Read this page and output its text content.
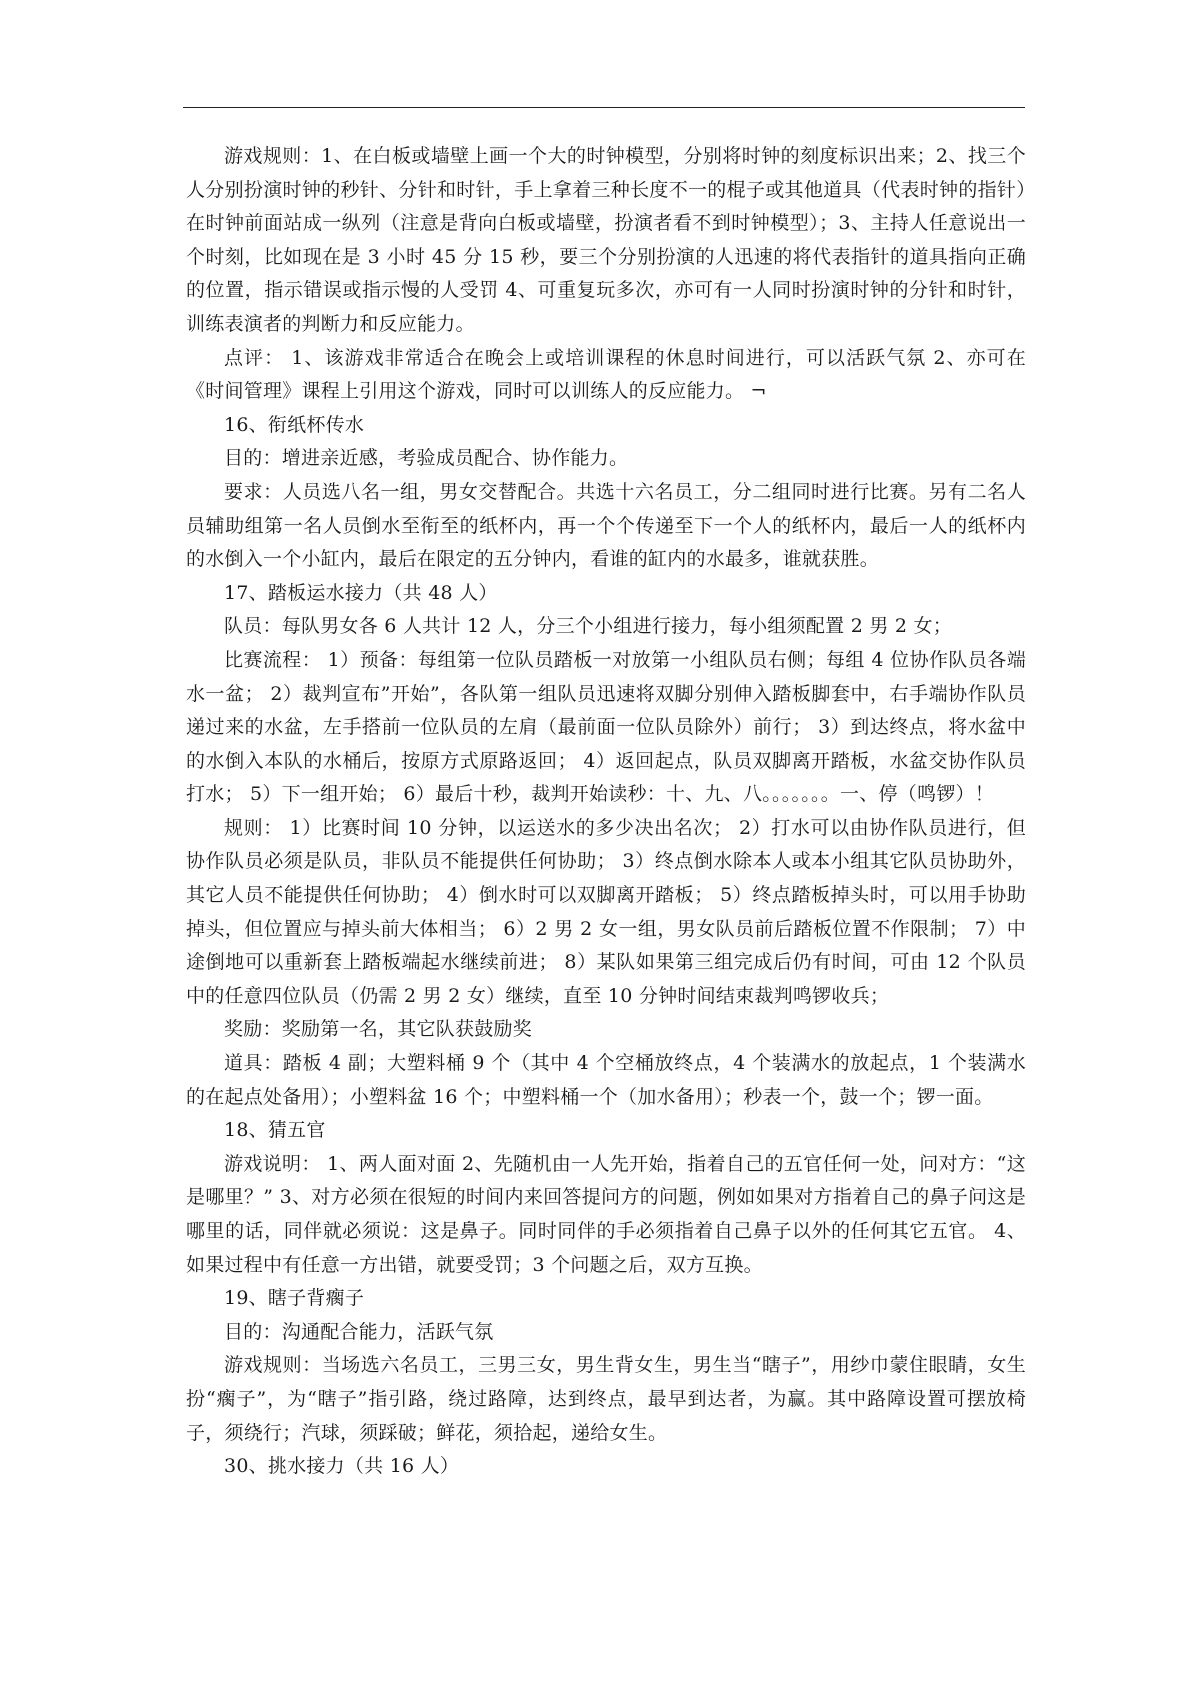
游戏规则：1、在白板或墙壁上画一个大的时钟模型，分别将时钟的刻度标识出来；2、找三个人分别扮演时钟的秒针、分针和时针，手上拿着三种长度不一的棍子或其他道具（代表时钟的指针）在时钟前面站成一纵列（注意是背向白板或墙壁，扮演者看不到时钟模型）；3、主持人任意说出一个时刻，比如现在是 3 小时 45 分 15 秒，要三个分别扮演的人迅速的将代表指针的道具指向正确的位置，指示错误或指示慢的人受罚 4、可重复玩多次，亦可有一人同时扮演时钟的分针和时针，训练表演者的判断力和反应能力。

点评： 1、该游戏非常适合在晚会上或培训课程的休息时间进行，可以活跃气氛 2、亦可在《时间管理》课程上引用这个游戏，同时可以训练人的反应能力。 ¬

16、衔纸杯传水

目的：增进亲近感，考验成员配合、协作能力。

要求：人员选八名一组，男女交替配合。共选十六名员工，分二组同时进行比赛。另有二名人员辅助组第一名人员倒水至衔至的纸杯内，再一个个传递至下一个人的纸杯内，最后一人的纸杯内的水倒入一个小缸内，最后在限定的五分钟内，看谁的缸内的水最多，谁就获胜。

17、踏板运水接力（共 48 人）

队员：每队男女各 6 人共计 12 人，分三个小组进行接力，每小组须配置 2 男 2 女；

比赛流程： 1）预备：每组第一位队员踏板一对放第一小组队员右侧；每组 4 位协作队员各端水一盆； 2）裁判宣布”开始”，各队第一组队员迅速将双脚分别伸入踏板脚套中，右手端协作队员递过来的水盆，左手搭前一位队员的左肩（最前面一位队员除外）前行； 3）到达终点，将水盆中的水倒入本队的水桶后，按原方式原路返回； 4）返回起点，队员双脚离开踏板，水盆交协作队员打水； 5）下一组开始； 6）最后十秒，裁判开始读秒：十、九、八。。。。。。。一、停（鸣锣）！

规则： 1）比赛时间 10 分钟，以运送水的多少决出名次； 2）打水可以由协作队员进行，但协作队员必须是队员，非队员不能提供任何协助； 3）终点倒水除本人或本小组其它队员协助外，其它人员不能提供任何协助； 4）倒水时可以双脚离开踏板； 5）终点踏板掉头时，可以用手协助掉头，但位置应与掉头前大体相当； 6）2 男 2 女一组，男女队员前后踏板位置不作限制； 7）中途倒地可以重新套上踏板端起水继续前进； 8）某队如果第三组完成后仍有时间，可由 12 个队员中的任意四位队员（仍需 2 男 2 女）继续，直至 10 分钟时间结束裁判鸣锣收兵；

奖励：奖励第一名，其它队获鼓励奖

道具：踏板 4 副；大塑料桶 9 个（其中 4 个空桶放终点，4 个装满水的放起点，1 个装满水的在起点处备用）；小塑料盆 16 个；中塑料桶一个（加水备用）；秒表一个，鼓一个；锣一面。

18、猜五官

游戏说明： 1、两人面对面 2、先随机由一人先开始，指着自己的五官任何一处，问对方：“这是哪里？” 3、对方必须在很短的时间内来回答提问方的问题，例如如果对方指着自己的鼻子问这是哪里的话，同伴就必须说：这是鼻子。同时同伴的手必须指着自己鼻子以外的任何其它五官。 4、如果过程中有任意一方出错，就要受罚；3 个问题之后，双方互换。

19、瞎子背瘸子

目的：沟通配合能力，活跃气氛

游戏规则：当场选六名员工，三男三女，男生背女生，男生当“瞎子”，用纱巾蒙住眼睛，女生扮“瘸子”，为“瞎子”指引路，绕过路障，达到终点，最早到达者，为赢。其中路障设置可摆放椅子，须绕行；汽球，须踩破；鲜花，须拾起，递给女生。

30、挑水接力（共 16 人）
